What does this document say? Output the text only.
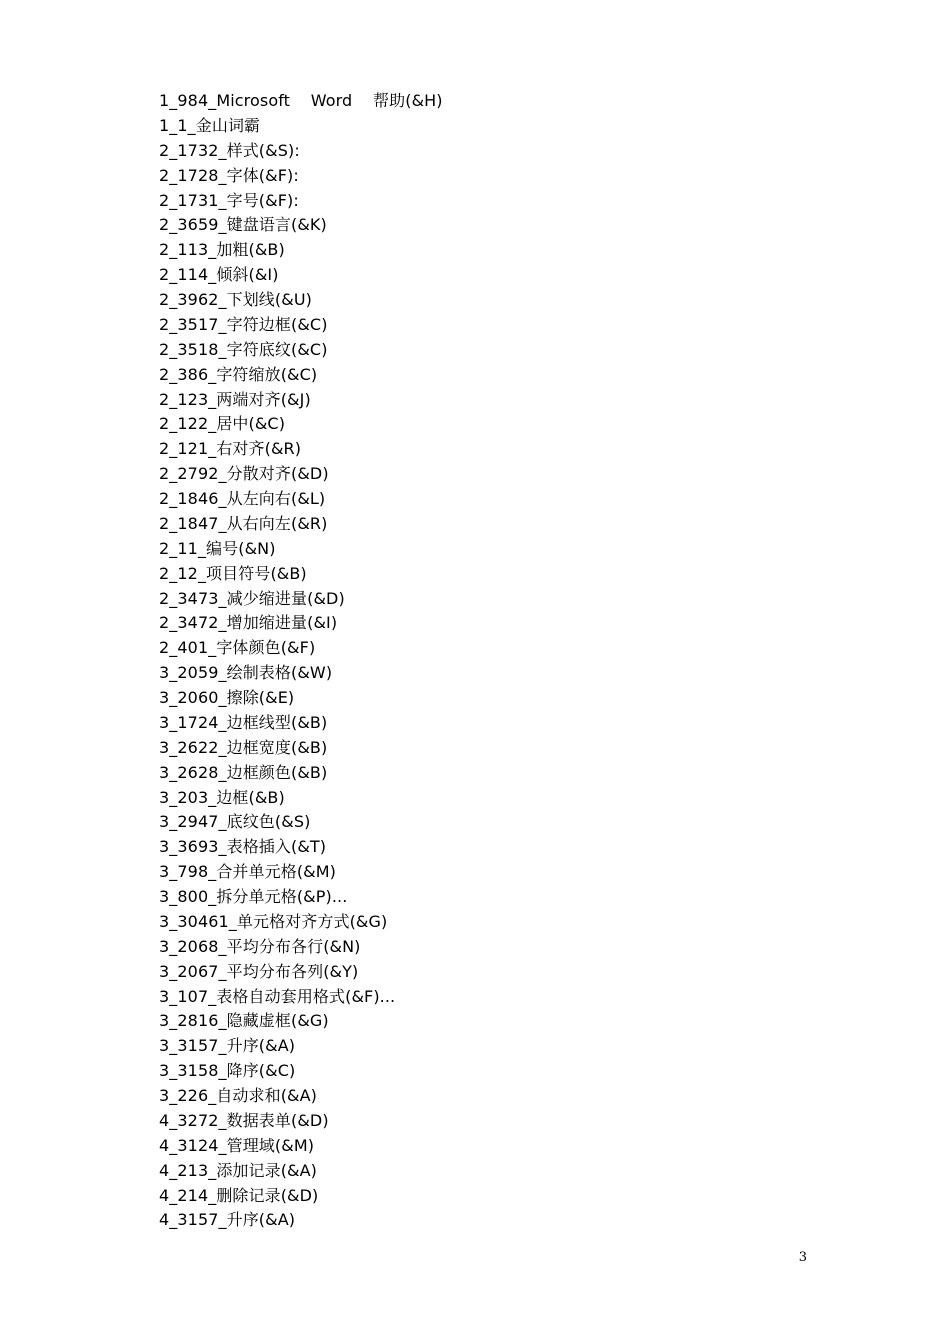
1_984_Microsoft    Word    帮助(&H)
1_1_金山词霸
2_1732_样式(&S):
2_1728_字体(&F):
2_1731_字号(&F):
2_3659_键盘语言(&K)
2_113_加粗(&B)
2_114_倾斜(&I)
2_3962_下划线(&U)
2_3517_字符边框(&C)
2_3518_字符底纹(&C)
2_386_字符缩放(&C)
2_123_两端对齐(&J)
2_122_居中(&C)
2_121_右对齐(&R)
2_2792_分散对齐(&D)
2_1846_从左向右(&L)
2_1847_从右向左(&R)
2_11_编号(&N)
2_12_项目符号(&B)
2_3473_减少缩进量(&D)
2_3472_增加缩进量(&I)
2_401_字体颜色(&F)
3_2059_绘制表格(&W)
3_2060_擦除(&E)
3_1724_边框线型(&B)
3_2622_边框宽度(&B)
3_2628_边框颜色(&B)
3_203_边框(&B)
3_2947_底纹色(&S)
3_3693_表格插入(&T)
3_798_合并单元格(&M)
3_800_拆分单元格(&P)...
3_30461_单元格对齐方式(&G)
3_2068_平均分布各行(&N)
3_2067_平均分布各列(&Y)
3_107_表格自动套用格式(&F)...
3_2816_隐藏虚框(&G)
3_3157_升序(&A)
3_3158_降序(&C)
3_226_自动求和(&A)
4_3272_数据表单(&D)
4_3124_管理域(&M)
4_213_添加记录(&A)
4_214_删除记录(&D)
4_3157_升序(&A)
3
